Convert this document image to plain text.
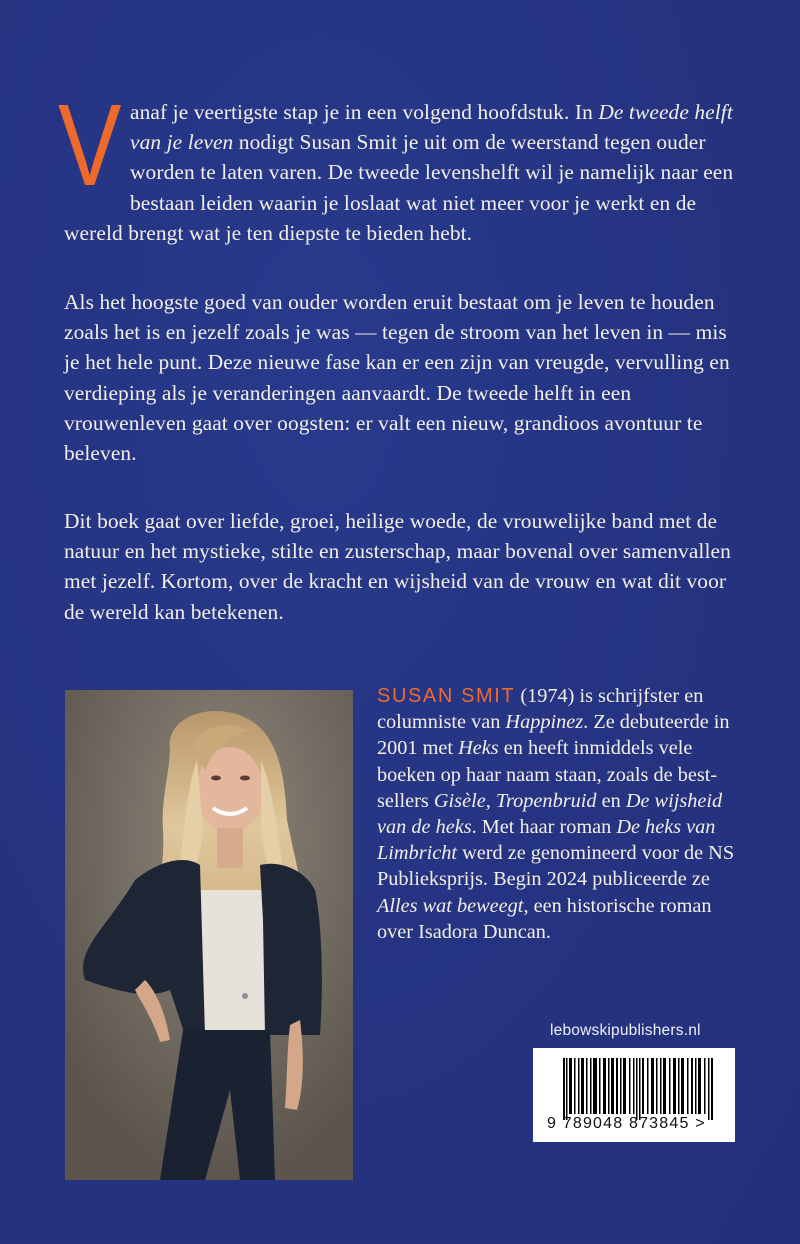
V anaf je veertigste stap je in een volgend hoofdstuk. In De tweede helft van je leven nodigt Susan Smit je uit om de weerstand tegen ouder worden te laten varen. De tweede levenshelft wil je namelijk naar een bestaan leiden waarin je loslaat wat niet meer voor je werkt en de wereld brengt wat je ten diepste te bieden hebt.

Als het hoogste goed van ouder worden eruit bestaat om je leven te houden zoals het is en jezelf zoals je was — tegen de stroom van het leven in — mis je het hele punt. Deze nieuwe fase kan er een zijn van vreugde, vervulling en verdieping als je veranderingen aanvaardt. De tweede helft in een vrouwenleven gaat over oogsten: er valt een nieuw, grandioos avontuur te beleven.

Dit boek gaat over liefde, groei, heilige woede, de vrouwelijke band met de natuur en het mystieke, stilte en zusterschap, maar bovenal over samenvallen met jezelf. Kortom, over de kracht en wijsheid van de vrouw en wat dit voor de wereld kan betekenen.

SUSAN SMIT (1974) is schrijfster en columniste van Happinez. Ze debuteerde in 2001 met Heks en heeft inmiddels vele boeken op haar naam staan, zoals de best-sellers Gisèle, Tropenbruid en De wijsheid van de heks. Met haar roman De heks van Limbricht werd ze genomineerd voor de NS Publieksprijs. Begin 2024 publiceerde ze Alles wat beweegt, een historische roman over Isadora Duncan.

lebowskipublishers.nl
9 789048 873845 >
